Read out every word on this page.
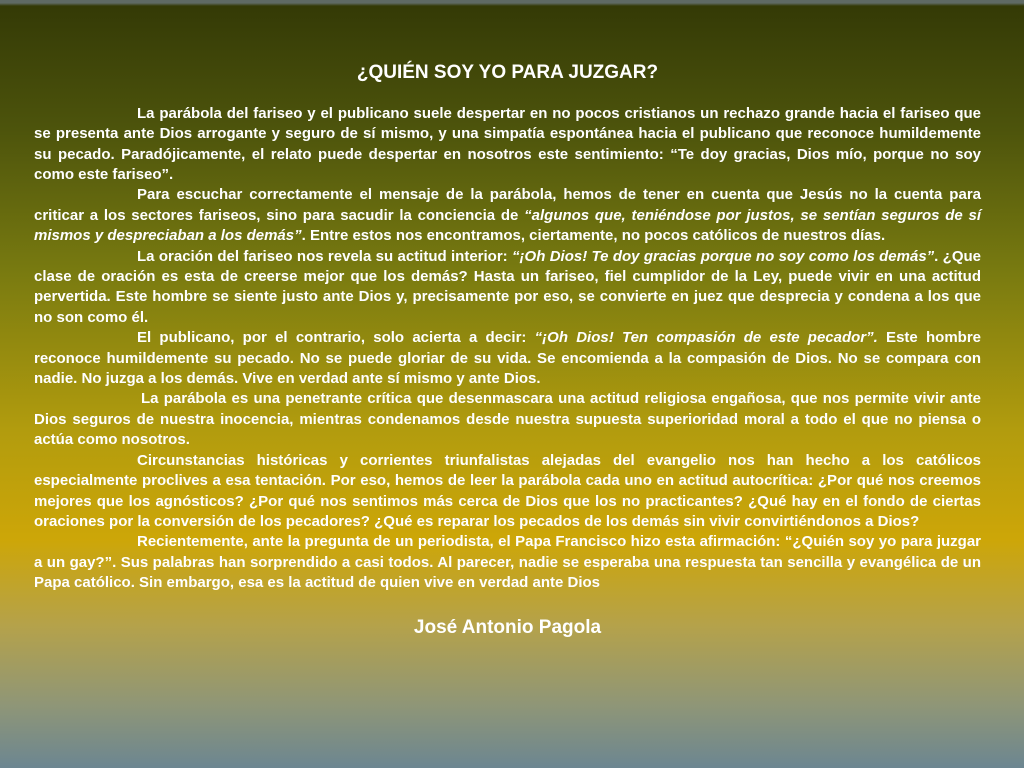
¿QUIÉN SOY YO PARA JUZGAR?

La parábola del fariseo y el publicano suele despertar en no pocos cristianos un rechazo grande hacia el fariseo que se presenta ante Dios arrogante y seguro de sí mismo, y una simpatía espontánea hacia el publicano que reconoce humildemente su pecado. Paradójicamente, el relato puede despertar en nosotros este sentimiento: “Te doy gracias, Dios mío, porque no soy como este fariseo”.

Para escuchar correctamente el mensaje de la parábola, hemos de tener en cuenta que Jesús no la cuenta para criticar a los sectores fariseos, sino para sacudir la conciencia de “algunos que, teniéndose por justos, se sentían seguros de sí mismos y despreciaban a los demás”. Entre estos nos encontramos, ciertamente, no pocos católicos de nuestros días.

La oración del fariseo nos revela su actitud interior: “¡Oh Dios! Te doy gracias porque no soy como los demás”. ¿Que clase de oración es esta de creerse mejor que los demás? Hasta un fariseo, fiel cumplidor de la Ley, puede vivir en una actitud pervertida. Este hombre se siente justo ante Dios y, precisamente por eso, se convierte en juez que desprecia y condena a los que no son como él.

El publicano, por el contrario, solo acierta a decir: “¡Oh Dios! Ten compasión de este pecador”. Este hombre reconoce humildemente su pecado. No se puede gloriar de su vida. Se encomienda a la compasión de Dios. No se compara con nadie. No juzga a los demás. Vive en verdad ante sí mismo y ante Dios.

La parábola es una penetrante crítica que desenmascara una actitud religiosa engañosa, que nos permite vivir ante Dios seguros de nuestra inocencia, mientras condenamos desde nuestra supuesta superioridad moral a todo el que no piensa o actúa como nosotros.

Circunstancias históricas y corrientes triunfalistas alejadas del evangelio nos han hecho a los católicos especialmente proclives a esa tentación. Por eso, hemos de leer la parábola cada uno en actitud autocrítica: ¿Por qué nos creemos mejores que los agnósticos? ¿Por qué nos sentimos más cerca de Dios que los no practicantes? ¿Qué hay en el fondo de ciertas oraciones por la conversión de los pecadores? ¿Qué es reparar los pecados de los demás sin vivir convirtiéndonos a Dios?

Recientemente, ante la pregunta de un periodista, el Papa Francisco hizo esta afirmación: “¿Quién soy yo para juzgar a un gay?”. Sus palabras han sorprendido a casi todos. Al parecer, nadie se esperaba una respuesta tan sencilla y evangélica de un Papa católico. Sin embargo, esa es la actitud de quien vive en verdad ante Dios

José Antonio Pagola
